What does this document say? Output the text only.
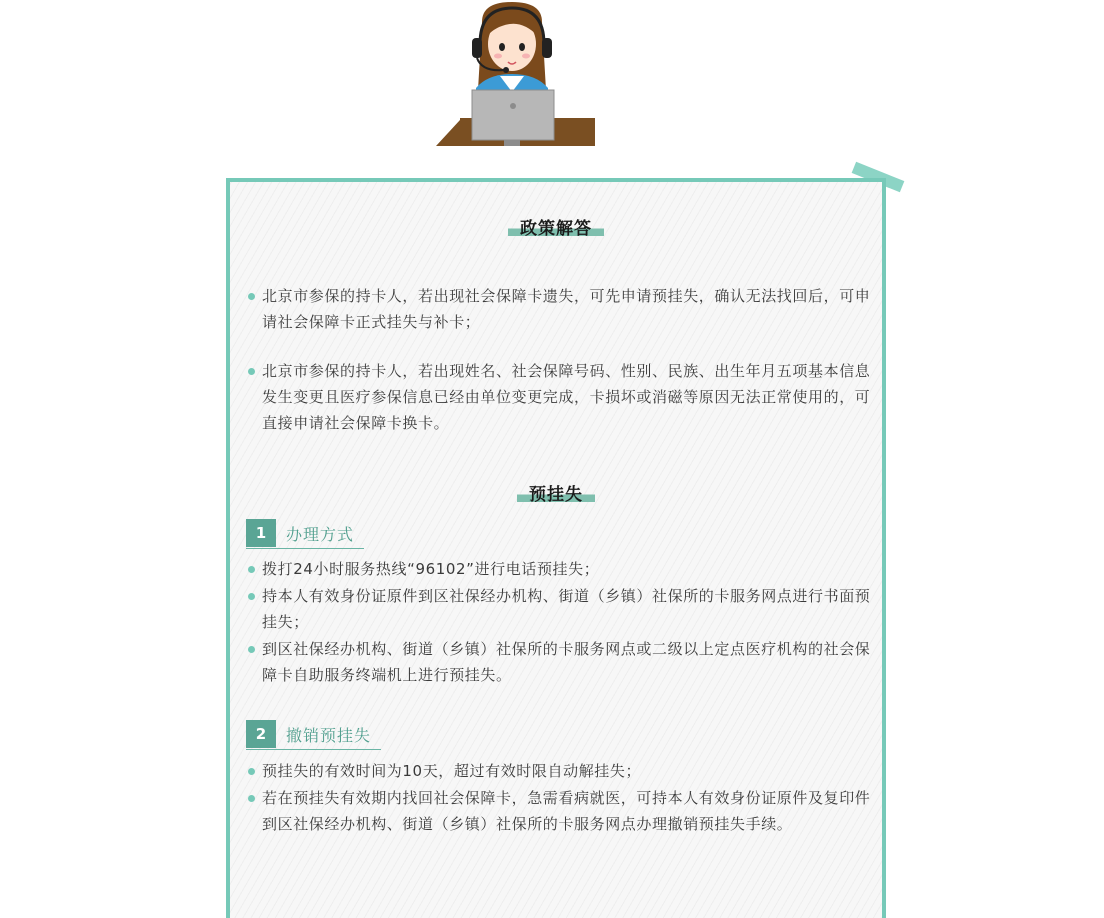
政策解答
北京市参保的持卡人，若出现社会保障卡遗失，可先申请预挂失，确认无法找回后，可申请社会保障卡正式挂失与补卡；
北京市参保的持卡人，若出现姓名、社会保障号码、性别、民族、出生年月五项基本信息发生变更且医疗参保信息已经由单位变更完成，卡损坏或消磁等原因无法正常使用的，可直接申请社会保障卡换卡。
预挂失
1	办理方式
拨打24小时服务热线“96102”进行电话预挂失；
持本人有效身份证原件到区社保经办机构、街道（乡镇）社保所的卡服务网点进行书面预挂失；
到区社保经办机构、街道（乡镇）社保所的卡服务网点或二级以上定点医疗机构的社会保障卡自助服务终端机上进行预挂失。
2	撤销预挂失
预挂失的有效时间为10天，超过有效时限自动解挂失；
若在预挂失有效期内找回社会保障卡，急需看病就医，可持本人有效身份证原件及复印件到区社保经办机构、街道（乡镇）社保所的卡服务网点办理撤销预挂失手续。
